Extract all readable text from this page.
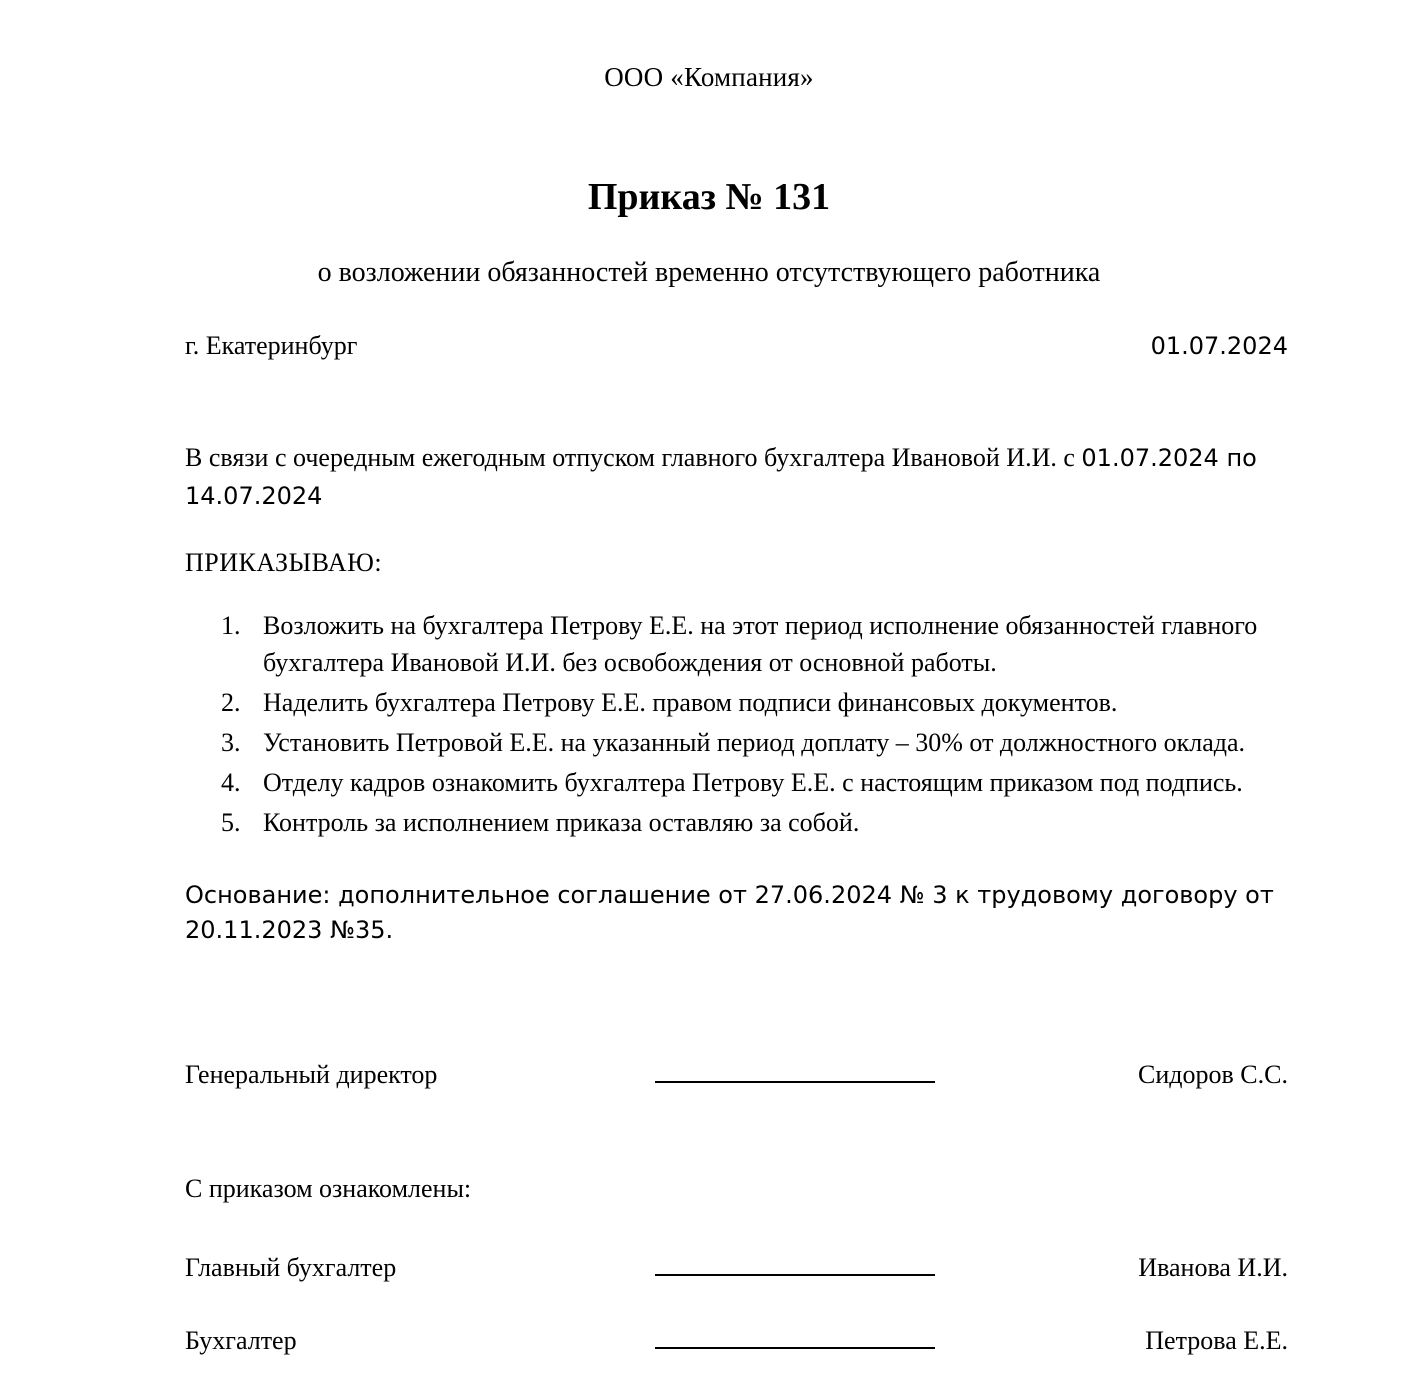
ООО «Компания»
Приказ № 131
о возложении обязанностей временно отсутствующего работника
г. Екатеринбург	01.07.2024
В связи с очередным ежегодным отпуском главного бухгалтера Ивановой И.И. с 01.07.2024 по 14.07.2024
ПРИКАЗЫВАЮ:
1. Возложить на бухгалтера Петрову Е.Е. на этот период исполнение обязанностей главного бухгалтера Ивановой И.И. без освобождения от основной работы.
2. Наделить бухгалтера Петрову Е.Е. правом подписи финансовых документов.
3. Установить Петровой Е.Е. на указанный период доплату – 30% от должностного оклада.
4. Отделу кадров ознакомить бухгалтера Петрову Е.Е. с настоящим приказом под подпись.
5. Контроль за исполнением приказа оставляю за собой.
Основание: дополнительное соглашение от 27.06.2024 № 3 к трудовому договору от 20.11.2023 №35.
Генеральный директор	Сидоров С.С.
С приказом ознакомлены:
Главный бухгалтер	Иванова И.И.
Бухгалтер	Петрова Е.Е.
